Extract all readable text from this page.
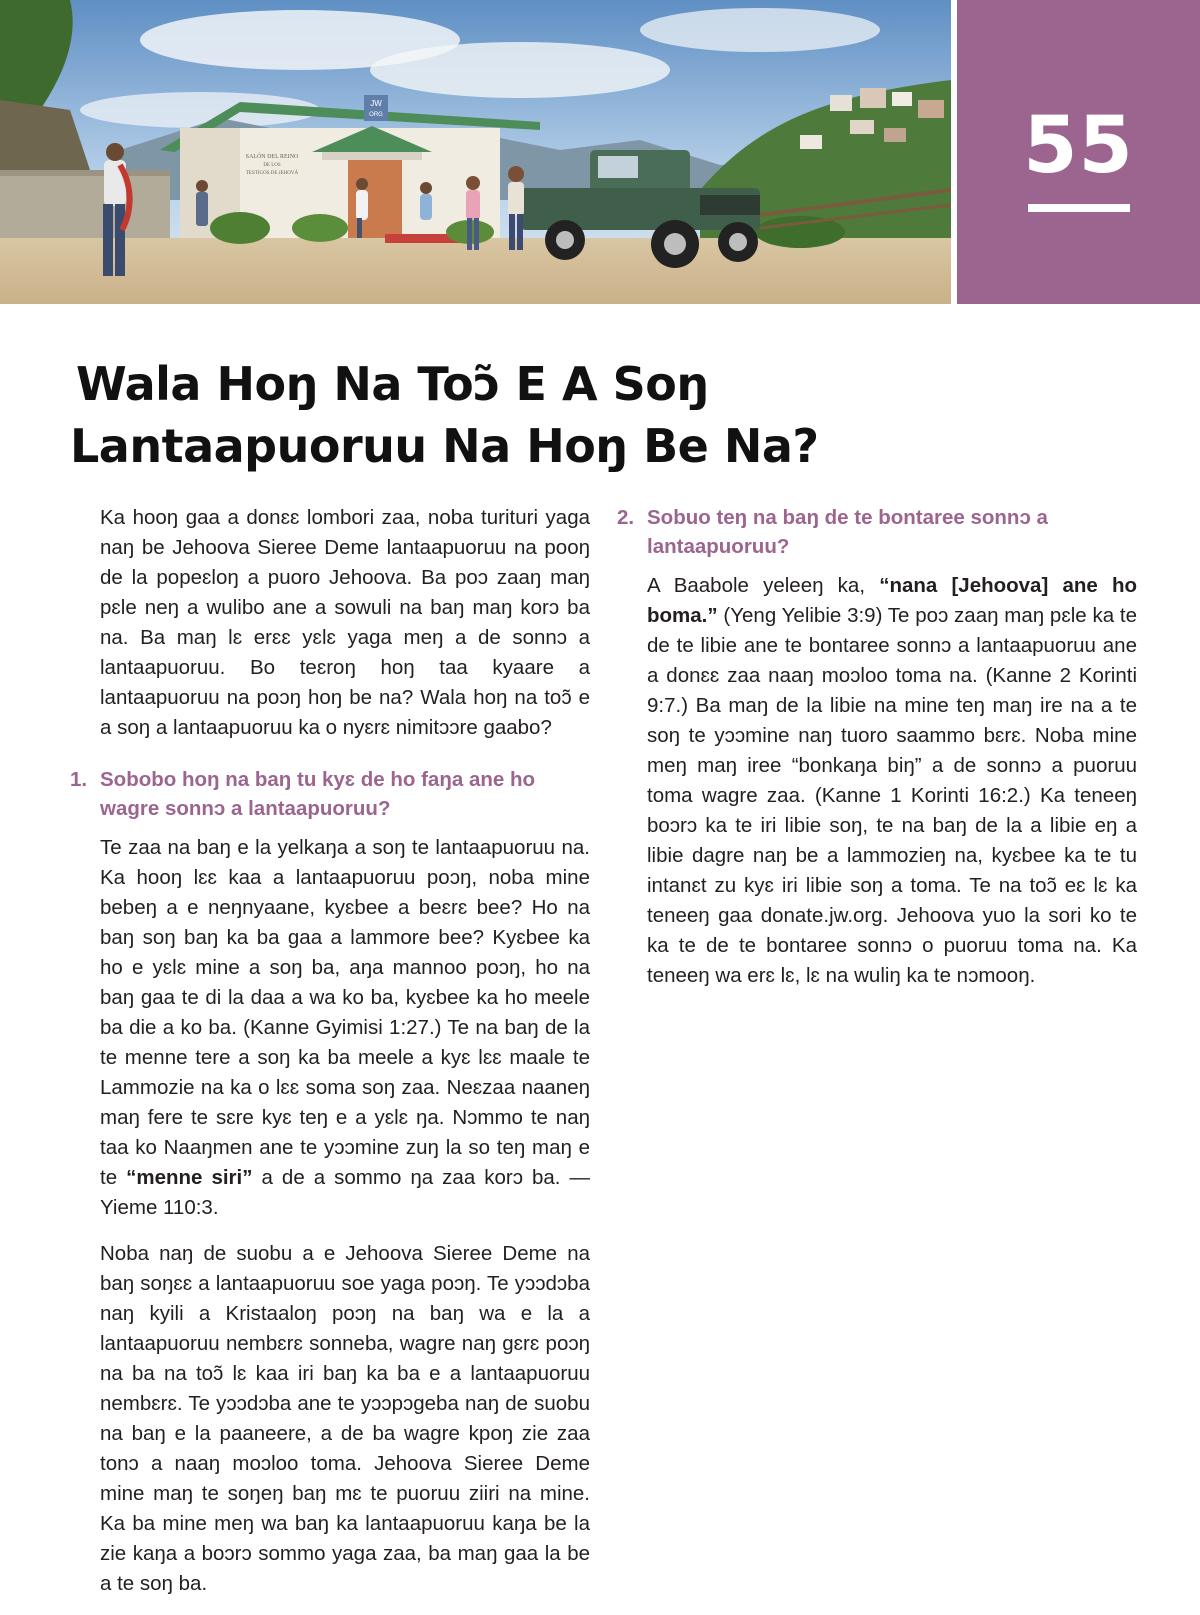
JW
ORG
SALÓN DEL REINO
DE LOS
TESTIGOS DE JEHOVÁ	55
Wala Hoŋ Na Toɔ̃ E A Soŋ
Lantaapuoruu Na Hoŋ Be Na?

Ka hooŋ gaa a donɛɛ lombori zaa, noba turituri yaga naŋ be Jehoova Sieree Deme lantaapuoruu na pooŋ de la popeɛloŋ a puoro Jehoova. Ba poɔ zaaŋ maŋ pɛle neŋ a wulibo ane a sowuli na baŋ maŋ korɔ ba na. Ba maŋ lɛ erɛɛ yɛlɛ yaga meŋ a de sonnɔ a lantaapuoruu. Bo teɛroŋ hoŋ taa kyaare a lantaapuoruu na poɔŋ hoŋ be na? Wala hoŋ na toɔ̃ e a soŋ a lantaapuoruu ka o nyɛrɛ nimitɔɔre gaabo?

1. Sobobo hoŋ na baŋ tu kyɛ de ho faŋa ane ho wagre sonnɔ a lantaapuoruu?

Te zaa na baŋ e la yelkaŋa a soŋ te lantaapuoruu na. Ka hooŋ lɛɛ kaa a lantaapuoruu poɔŋ, noba mine bebeŋ a e neŋnyaane, kyɛbee a beɛrɛ bee? Ho na baŋ soŋ baŋ ka ba gaa a lammore bee? Kyɛbee ka ho e yɛlɛ mine a soŋ ba, aŋa mannoo poɔŋ, ho na baŋ gaa te di la daa a wa ko ba, kyɛbee ka ho meele ba die a ko ba. (Kanne Gyimisi 1:27.) Te na baŋ de la te menne tere a soŋ ka ba meele a kyɛ lɛɛ maale te Lammozie na ka o lɛɛ soma soŋ zaa. Neɛzaa naaneŋ maŋ fere te sɛre kyɛ teŋ e a yɛlɛ ŋa. Nɔmmo te naŋ taa ko Naaŋmen ane te yɔɔmine zuŋ la so teŋ maŋ e te “menne siri” a de a sommo ŋa zaa korɔ ba. —Yieme 110:3.

Noba naŋ de suobu a e Jehoova Sieree Deme na baŋ soŋɛɛ a lantaapuoruu soe yaga poɔŋ. Te yɔɔdɔba naŋ kyili a Kristaaloŋ poɔŋ na baŋ wa e la a lantaapuoruu nembɛrɛ sonneba, wagre naŋ gɛrɛ poɔŋ na ba na toɔ̃ lɛ kaa iri baŋ ka ba e a lantaapuoruu nembɛrɛ. Te yɔɔdɔba ane te yɔɔpɔgeba naŋ de suobu na baŋ e la paaneere, a de ba wagre kpoŋ zie zaa tonɔ a naaŋ moɔloo toma. Jehoova Sieree Deme mine maŋ te soŋeŋ baŋ mɛ te puoruu ziiri na mine. Ka ba mine meŋ wa baŋ ka lantaapuoruu kaŋa be la zie kaŋa a boɔrɔ sommo yaga zaa, ba maŋ gaa la be a te soŋ ba.

2. Sobuo teŋ na baŋ de te bontaree sonnɔ a lantaapuoruu?

A Baabole yeleeŋ ka, “nana [Jehoova] ane ho boma.” (Yeng Yelibie 3:9) Te poɔ zaaŋ maŋ pɛle ka te de te libie ane te bontaree sonnɔ a lantaapuoruu ane a donɛɛ zaa naaŋ moɔloo toma na. (Kanne 2 Korinti 9:7.) Ba maŋ de la libie na mine teŋ maŋ ire na a te soŋ te yɔɔmine naŋ tuoro saammo bɛrɛ. Noba mine meŋ maŋ iree “bonkaŋa biŋ” a de sonnɔ a puoruu toma wagre zaa. (Kanne 1 Korinti 16:2.) Ka teneeŋ boɔrɔ ka te iri libie soŋ, te na baŋ de la a libie eŋ a libie dagre naŋ be a lammozieŋ na, kyɛbee ka te tu intanɛt zu kyɛ iri libie soŋ a toma. Te na toɔ̃ eɛ lɛ ka teneeŋ gaa donate.jw.org. Jehoova yuo la sori ko te ka te de te bontaree sonnɔ o puoruu toma na. Ka teneeŋ wa erɛ lɛ, lɛ na wuliŋ ka te nɔmooŋ.
